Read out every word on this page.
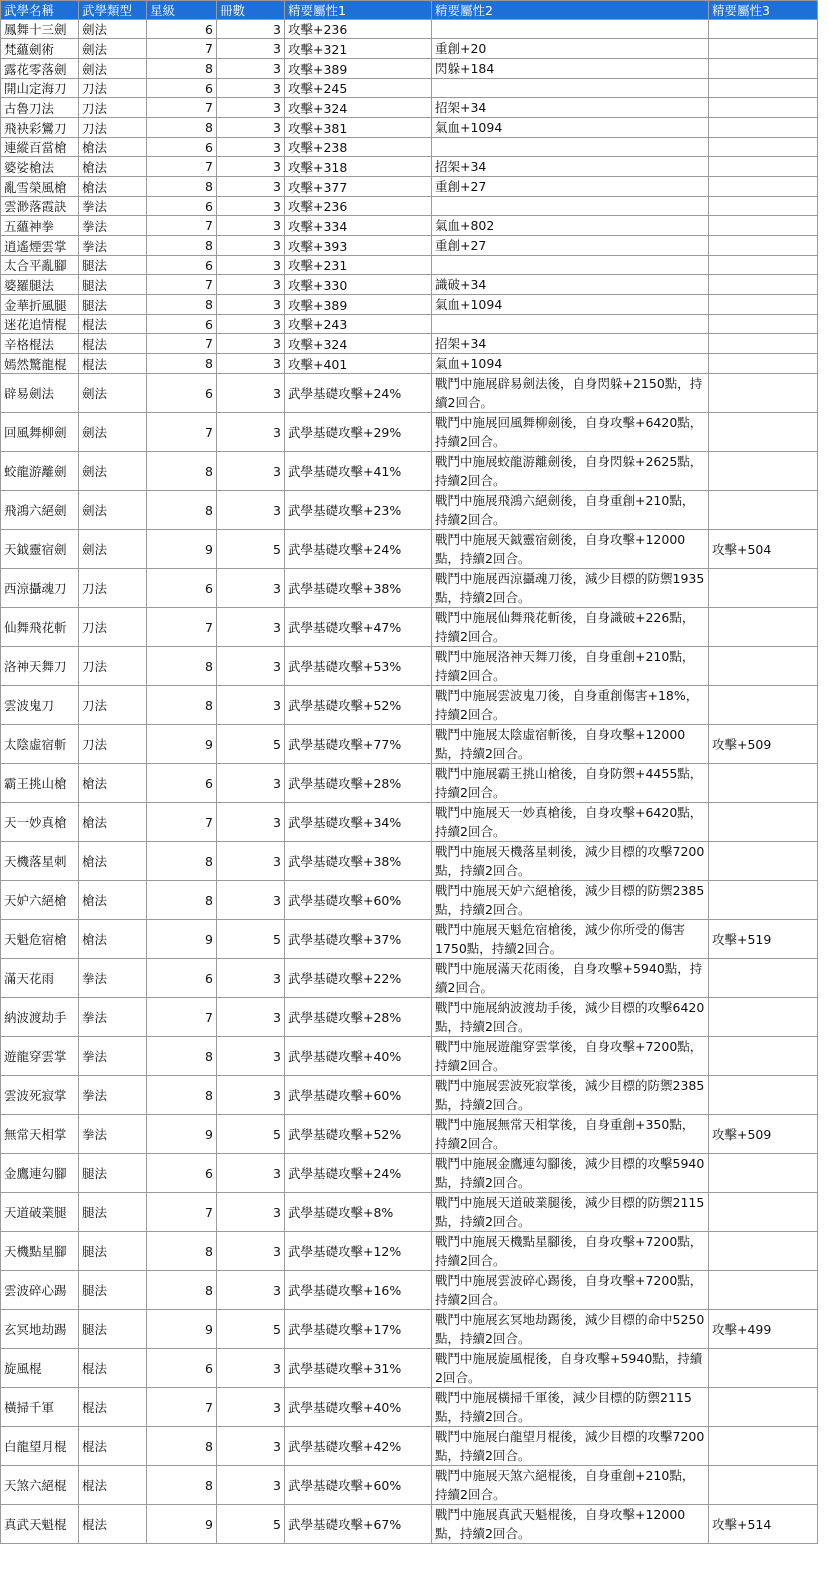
武學名稱	武學類型	星級	冊數	精要屬性1	精要屬性2	精要屬性3
鳳舞十三劍	劍法	6	3	攻擊+236		
梵蘊劍術	劍法	7	3	攻擊+321	重創+20	
露花零落劍	劍法	8	3	攻擊+389	閃躲+184	
開山定海刀	刀法	6	3	攻擊+245		
古魯刀法	刀法	7	3	攻擊+324	招架+34	
飛袂彩鸞刀	刀法	8	3	攻擊+381	氣血+1094	
連縱百當槍	槍法	6	3	攻擊+238		
婆娑槍法	槍法	7	3	攻擊+318	招架+34	
亂雪榮風槍	槍法	8	3	攻擊+377	重創+27	
雲渺落霞訣	拳法	6	3	攻擊+236		
五蘊神拳	拳法	7	3	攻擊+334	氣血+802	
逍遙煙雲掌	拳法	8	3	攻擊+393	重創+27	
太合平亂腳	腿法	6	3	攻擊+231		
婆羅腿法	腿法	7	3	攻擊+330	識破+34	
金華折風腿	腿法	8	3	攻擊+389	氣血+1094	
迷花追情棍	棍法	6	3	攻擊+243		
辛格棍法	棍法	7	3	攻擊+324	招架+34	
嫣然驚龍棍	棍法	8	3	攻擊+401	氣血+1094	
辟易劍法	劍法	6	3	武學基礎攻擊+24%	戰鬥中施展辟易劍法後，自身閃躲+2150點，持續2回合。	
回風舞柳劍	劍法	7	3	武學基礎攻擊+29%	戰鬥中施展回風舞柳劍後，自身攻擊+6420點，持續2回合。	
蛟龍游離劍	劍法	8	3	武學基礎攻擊+41%	戰鬥中施展蛟龍游離劍後，自身閃躲+2625點，持續2回合。	
飛鴻六絕劍	劍法	8	3	武學基礎攻擊+23%	戰鬥中施展飛鴻六絕劍後，自身重創+210點，持續2回合。	
天鉞靈宿劍	劍法	9	5	武學基礎攻擊+24%	戰鬥中施展天鉞靈宿劍後，自身攻擊+12000點，持續2回合。	攻擊+504
西涼攝魂刀	刀法	6	3	武學基礎攻擊+38%	戰鬥中施展西涼攝魂刀後，減少目標的防禦1935點，持續2回合。	
仙舞飛花斬	刀法	7	3	武學基礎攻擊+47%	戰鬥中施展仙舞飛花斬後，自身識破+226點，持續2回合。	
洛神天舞刀	刀法	8	3	武學基礎攻擊+53%	戰鬥中施展洛神天舞刀後，自身重創+210點，持續2回合。	
雲波鬼刀	刀法	8	3	武學基礎攻擊+52%	戰鬥中施展雲波鬼刀後，自身重創傷害+18%，持續2回合。	
太陰虛宿斬	刀法	9	5	武學基礎攻擊+77%	戰鬥中施展太陰虛宿斬後，自身攻擊+12000點，持續2回合。	攻擊+509
霸王挑山槍	槍法	6	3	武學基礎攻擊+28%	戰鬥中施展霸王挑山槍後，自身防禦+4455點，持續2回合。	
天一妙真槍	槍法	7	3	武學基礎攻擊+34%	戰鬥中施展天一妙真槍後，自身攻擊+6420點，持續2回合。	
天機落星刺	槍法	8	3	武學基礎攻擊+38%	戰鬥中施展天機落星刺後，減少目標的攻擊7200點，持續2回合。	
天妒六絕槍	槍法	8	3	武學基礎攻擊+60%	戰鬥中施展天妒六絕槍後，減少目標的防禦2385點，持續2回合。	
天魁危宿槍	槍法	9	5	武學基礎攻擊+37%	戰鬥中施展天魁危宿槍後，減少你所受的傷害1750點，持續2回合。	攻擊+519
滿天花雨	拳法	6	3	武學基礎攻擊+22%	戰鬥中施展滿天花雨後，自身攻擊+5940點，持續2回合。	
納波渡劫手	拳法	7	3	武學基礎攻擊+28%	戰鬥中施展納波渡劫手後，減少目標的攻擊6420點，持續2回合。	
遊龍穿雲掌	拳法	8	3	武學基礎攻擊+40%	戰鬥中施展遊龍穿雲掌後，自身攻擊+7200點，持續2回合。	
雲波死寂掌	拳法	8	3	武學基礎攻擊+60%	戰鬥中施展雲波死寂掌後，減少目標的防禦2385點，持續2回合。	
無常天相掌	拳法	9	5	武學基礎攻擊+52%	戰鬥中施展無常天相掌後，自身重創+350點，持續2回合。	攻擊+509
金鷹連勾腳	腿法	6	3	武學基礎攻擊+24%	戰鬥中施展金鷹連勾腳後，減少目標的攻擊5940點，持續2回合。	
天道破業腿	腿法	7	3	武學基礎攻擊+8%	戰鬥中施展天道破業腿後，減少目標的防禦2115點，持續2回合。	
天機點星腳	腿法	8	3	武學基礎攻擊+12%	戰鬥中施展天機點星腳後，自身攻擊+7200點，持續2回合。	
雲波碎心踢	腿法	8	3	武學基礎攻擊+16%	戰鬥中施展雲波碎心踢後，自身攻擊+7200點，持續2回合。	
玄冥地劫踢	腿法	9	5	武學基礎攻擊+17%	戰鬥中施展玄冥地劫踢後，減少目標的命中5250點，持續2回合。	攻擊+499
旋風棍	棍法	6	3	武學基礎攻擊+31%	戰鬥中施展旋風棍後，自身攻擊+5940點，持續2回合。	
橫掃千軍	棍法	7	3	武學基礎攻擊+40%	戰鬥中施展橫掃千軍後，減少目標的防禦2115點，持續2回合。	
白龍望月棍	棍法	8	3	武學基礎攻擊+42%	戰鬥中施展白龍望月棍後，減少目標的攻擊7200點，持續2回合。	
天煞六絕棍	棍法	8	3	武學基礎攻擊+60%	戰鬥中施展天煞六絕棍後，自身重創+210點，持續2回合。	
真武天魁棍	棍法	9	5	武學基礎攻擊+67%	戰鬥中施展真武天魁棍後，自身攻擊+12000點，持續2回合。	攻擊+514
